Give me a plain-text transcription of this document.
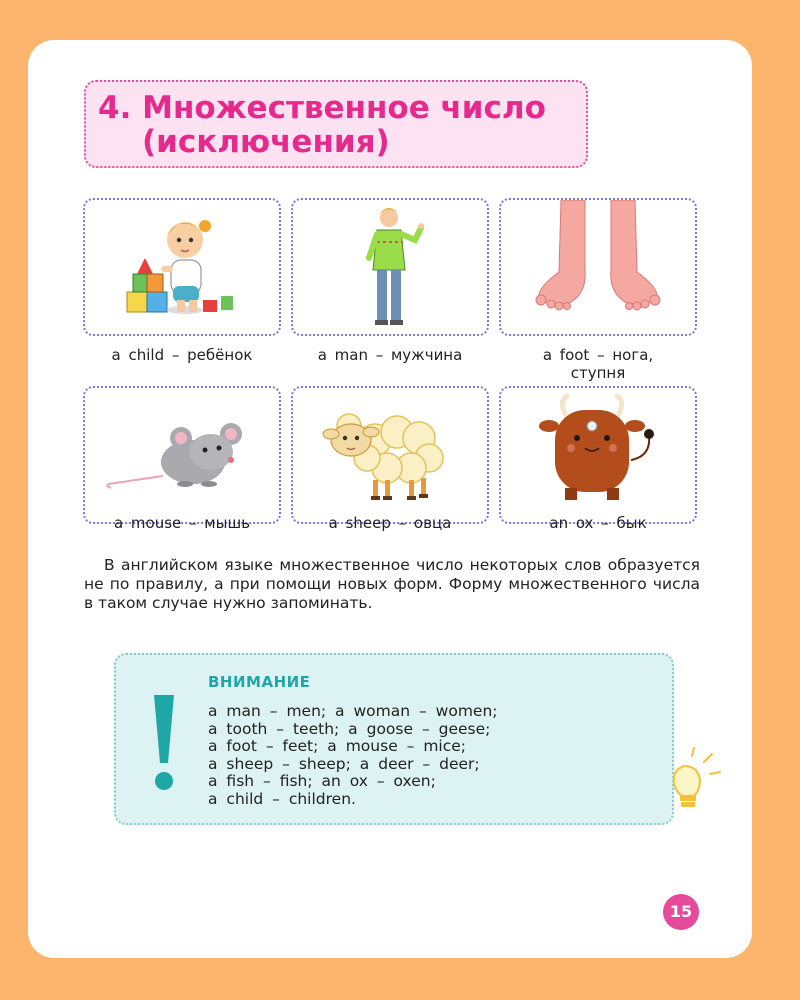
4. Множественное число
(исключения)
a child – ребёнок	a man – мужчина	a foot – нога, ступня
a mouse – мышь	a sheep – овца	an ox – бык
В английском языке множественное число некоторых слов образуется не по правилу, а при помощи новых форм. Форму множественного числа в таком случае нужно запоминать.
ВНИМАНИЕ
a man – men; a woman – women;
a tooth – teeth; a goose – geese;
a foot – feet; a mouse – mice;
a sheep – sheep; a deer – deer;
a fish – fish; an ox – oxen;
a child – children.
15
